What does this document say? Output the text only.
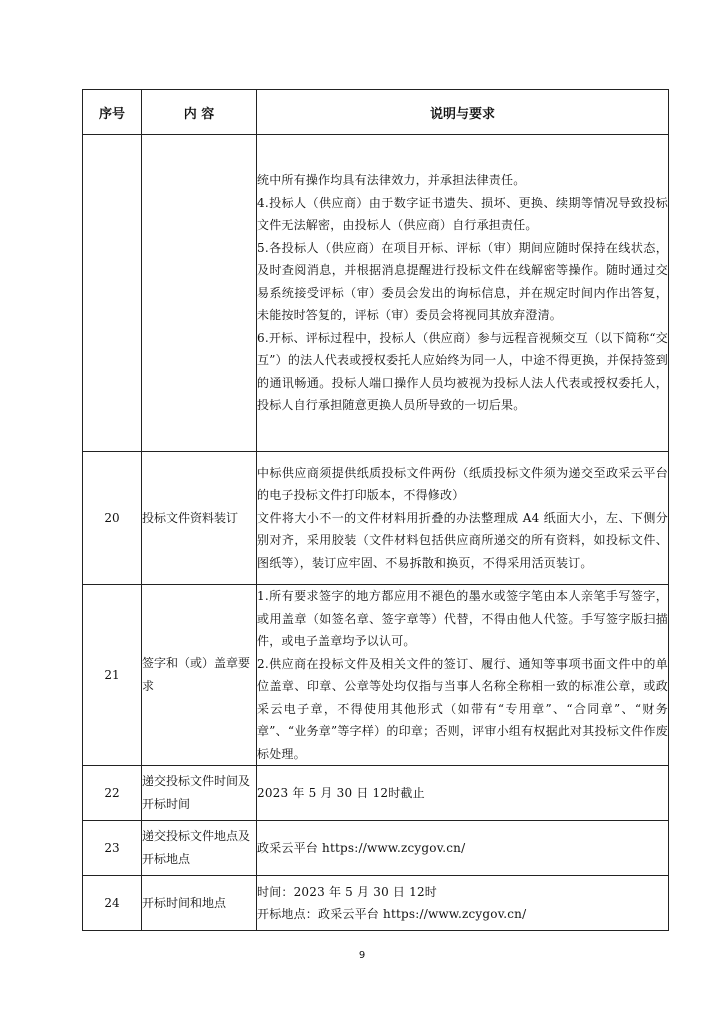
序号	内 容	说明与要求

		统中所有操作均具有法律效力，并承担法律责任。

4.投标人（供应商）由于数字证书遗失、损坏、更换、续期等情况导致投标文件无法解密，由投标人（供应商）自行承担责任。

5.各投标人（供应商）在项目开标、评标（审）期间应随时保持在线状态，及时查阅消息，并根据消息提醒进行投标文件在线解密等操作。随时通过交易系统接受评标（审）委员会发出的询标信息，并在规定时间内作出答复，未能按时答复的，评标（审）委员会将视同其放弃澄清。

6.开标、评标过程中，投标人（供应商）参与远程音视频交互（以下简称“交互”）的法人代表或授权委托人应始终为同一人，中途不得更换，并保持签到的通讯畅通。投标人端口操作人员均被视为投标人法人代表或授权委托人，投标人自行承担随意更换人员所导致的一切后果。

20	投标文件资料装订	中标供应商须提供纸质投标文件两份（纸质投标文件须为递交至政采云平台的电子投标文件打印版本，不得修改）

文件将大小不一的文件材料用折叠的办法整理成 A4 纸面大小，左、下侧分别对齐，采用胶装（文件材料包括供应商所递交的所有资料，如投标文件、图纸等），装订应牢固、不易拆散和换页，不得采用活页装订。

21	签字和（或）盖章要求	1.所有要求签字的地方都应用不褪色的墨水或签字笔由本人亲笔手写签字，或用盖章（如签名章、签字章等）代替，不得由他人代签。手写签字版扫描件，或电子盖章均予以认可。

2.供应商在投标文件及相关文件的签订、履行、通知等事项书面文件中的单位盖章、印章、公章等处均仅指与当事人名称全称相一致的标准公章，或政采云电子章，不得使用其他形式（如带有“专用章”、“合同章”、“财务章”、“业务章”等字样）的印章；否则，评审小组有权据此对其投标文件作废标处理。

22	递交投标文件时间及开标时间	2023 年 5 月 30 日 12时截止

23	递交投标文件地点及开标地点	政采云平台 https://www.zcygov.cn/

24	开标时间和地点	时间：2023 年 5 月 30 日 12时

开标地点：政采云平台 https://www.zcygov.cn/

9
